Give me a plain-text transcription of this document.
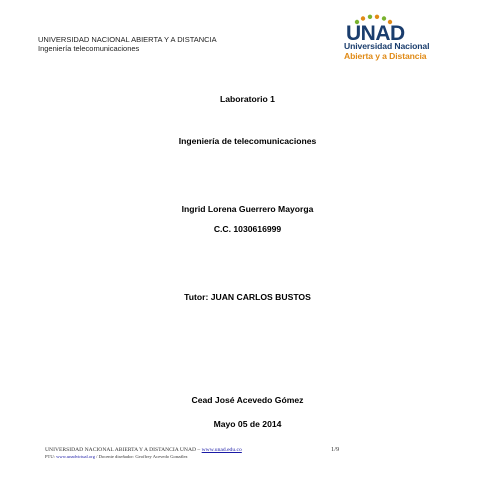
UNIVERSIDAD NACIONAL ABIERTA Y A DISTANCIA
Ingeniería telecomunicaciones
UNAD
Universidad Nacional
Abierta y a Distancia
Laboratorio 1
Ingeniería de telecomunicaciones
Ingrid Lorena Guerrero Mayorga
C.C. 1030616999
Tutor: JUAN CARLOS BUSTOS
Cead José Acevedo Gómez
Mayo 05 de 2014
UNIVERSIDAD NACIONAL ABIERTA Y A DISTANCIA UNAD – www.unad.edu.co
PTU: www.unadvirtual.org / Docente diseñador: Geoffrey Acevedo González
1/9
